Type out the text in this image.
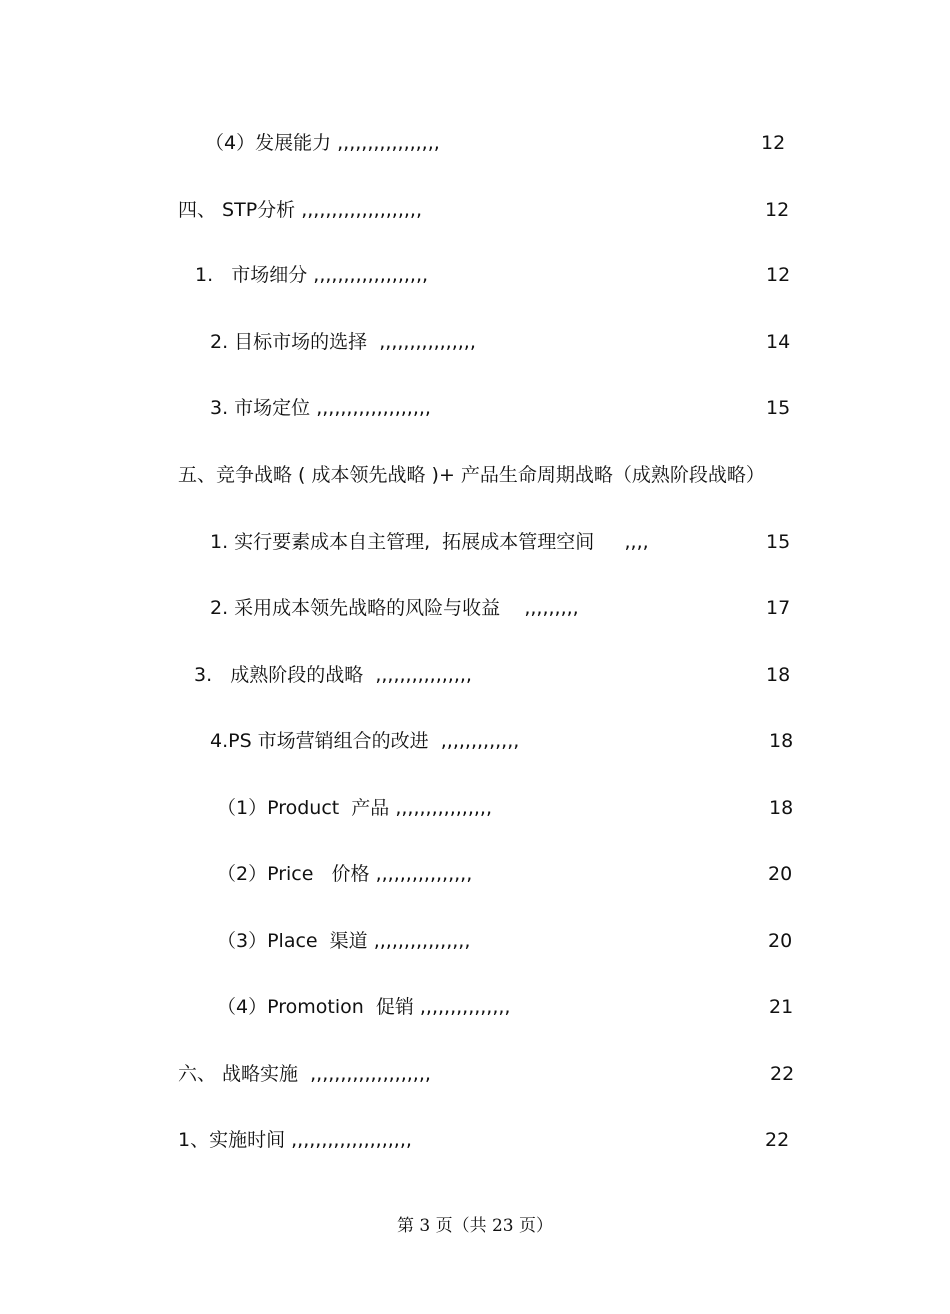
（4）发展能力 ,,,,,,,,,,,,,,,,,	12
四、 STP分析 ,,,,,,,,,,,,,,,,,,,,	12
1.   市场细分 ,,,,,,,,,,,,,,,,,,,	12
2. 目标市场的选择  ,,,,,,,,,,,,,,,,	14
3. 市场定位 ,,,,,,,,,,,,,,,,,,,	15
五、竞争战略 ( 成本领先战略 )+ 产品生命周期战略（成熟阶段战略）
1. 实行要素成本自主管理,  拓展成本管理空间     ,,,,	15
2. 采用成本领先战略的风险与收益    ,,,,,,,,,	17
3.   成熟阶段的战略  ,,,,,,,,,,,,,,,,	18
4.PS 市场营销组合的改进  ,,,,,,,,,,,,,	18
（1）Product  产品 ,,,,,,,,,,,,,,,,	18
（2）Price   价格 ,,,,,,,,,,,,,,,,	20
（3）Place  渠道 ,,,,,,,,,,,,,,,,	20
（4）Promotion  促销 ,,,,,,,,,,,,,,,	21
六、 战略实施  ,,,,,,,,,,,,,,,,,,,,	22
1、实施时间 ,,,,,,,,,,,,,,,,,,,,	22
第 3 页（共 23 页）
